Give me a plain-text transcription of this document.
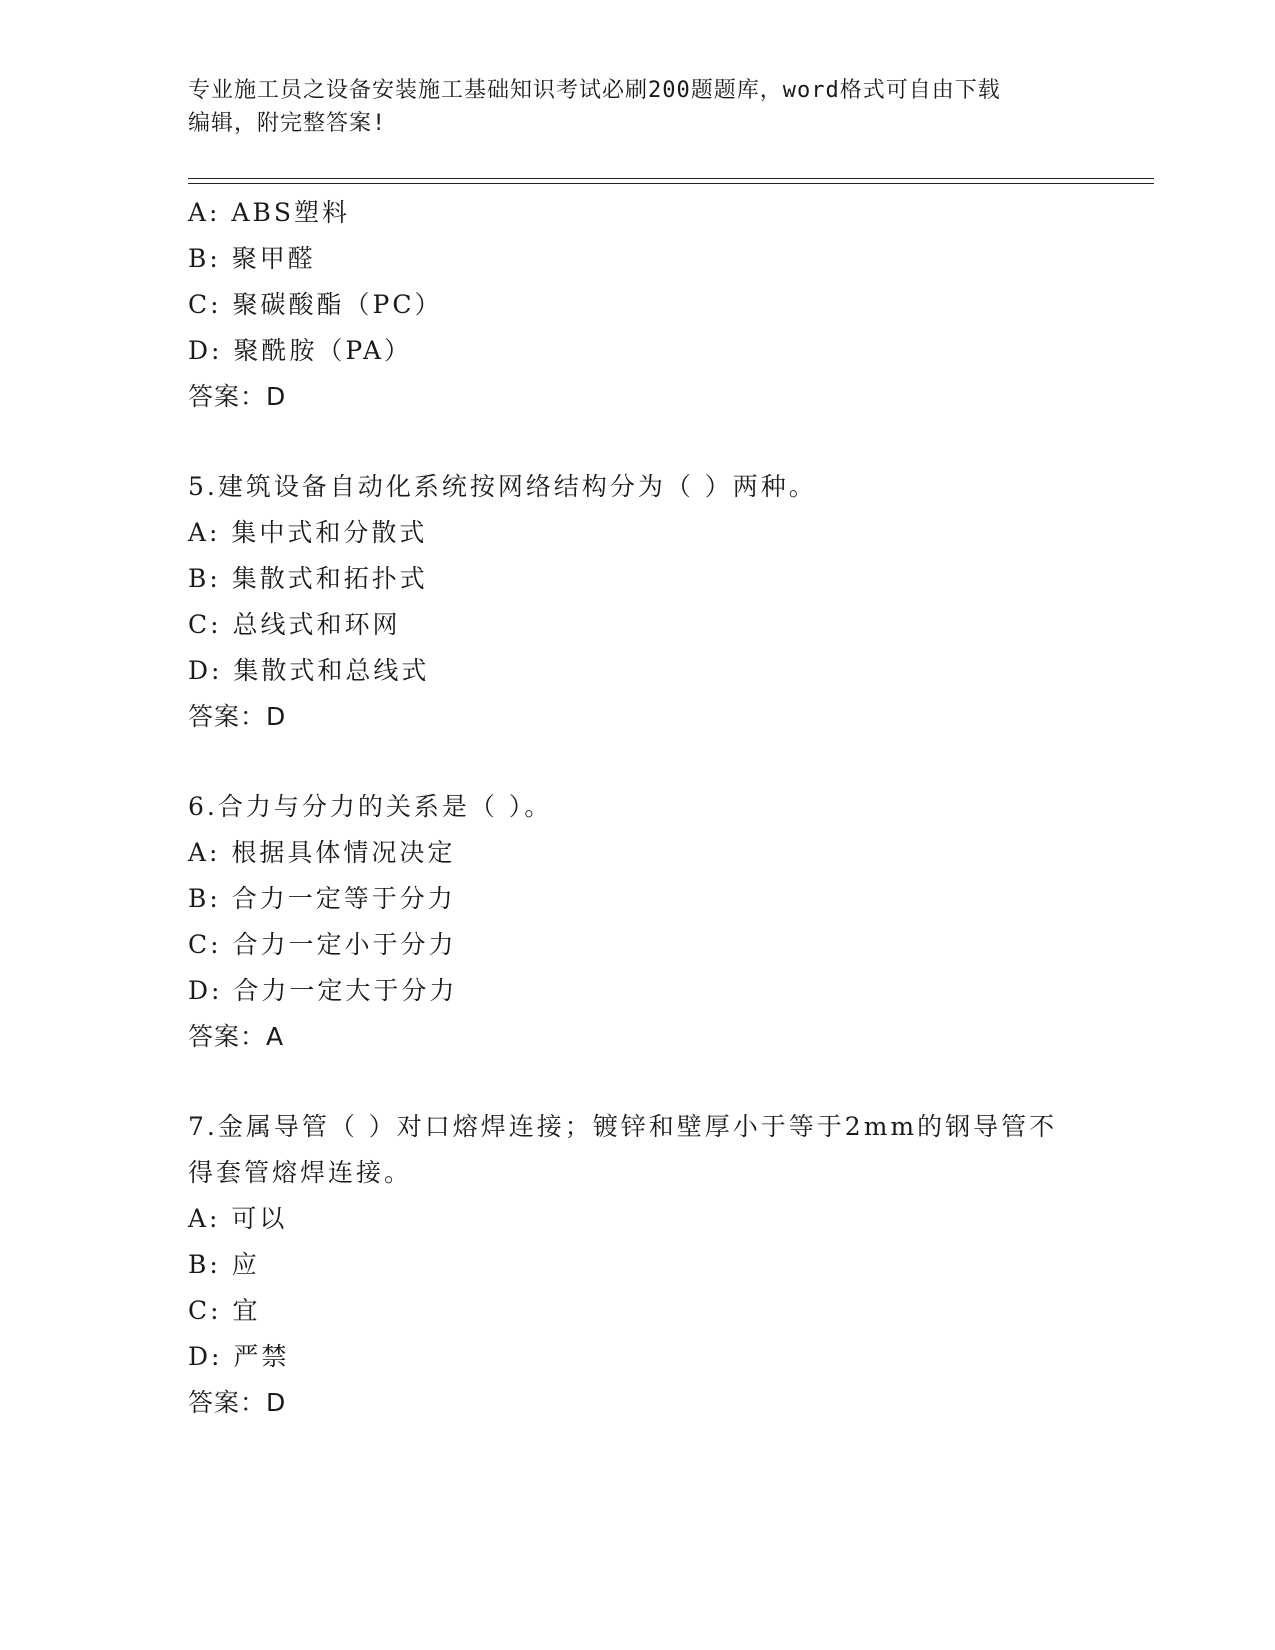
专业施工员之设备安装施工基础知识考试必刷200题题库，word格式可自由下载
编辑，附完整答案!
A: ABS塑料
B: 聚甲醛
C: 聚碳酸酯（PC）
D: 聚酰胺（PA）
答案：D
5.建筑设备自动化系统按网络结构分为（ ）两种。
A: 集中式和分散式
B: 集散式和拓扑式
C: 总线式和环网
D: 集散式和总线式
答案：D
6.合力与分力的关系是（ ）。
A: 根据具体情况决定
B: 合力一定等于分力
C: 合力一定小于分力
D: 合力一定大于分力
答案：A
7.金属导管（ ）对口熔焊连接；镀锌和壁厚小于等于2mm的钢导管不
得套管熔焊连接。
A: 可以
B: 应
C: 宜
D: 严禁
答案：D
